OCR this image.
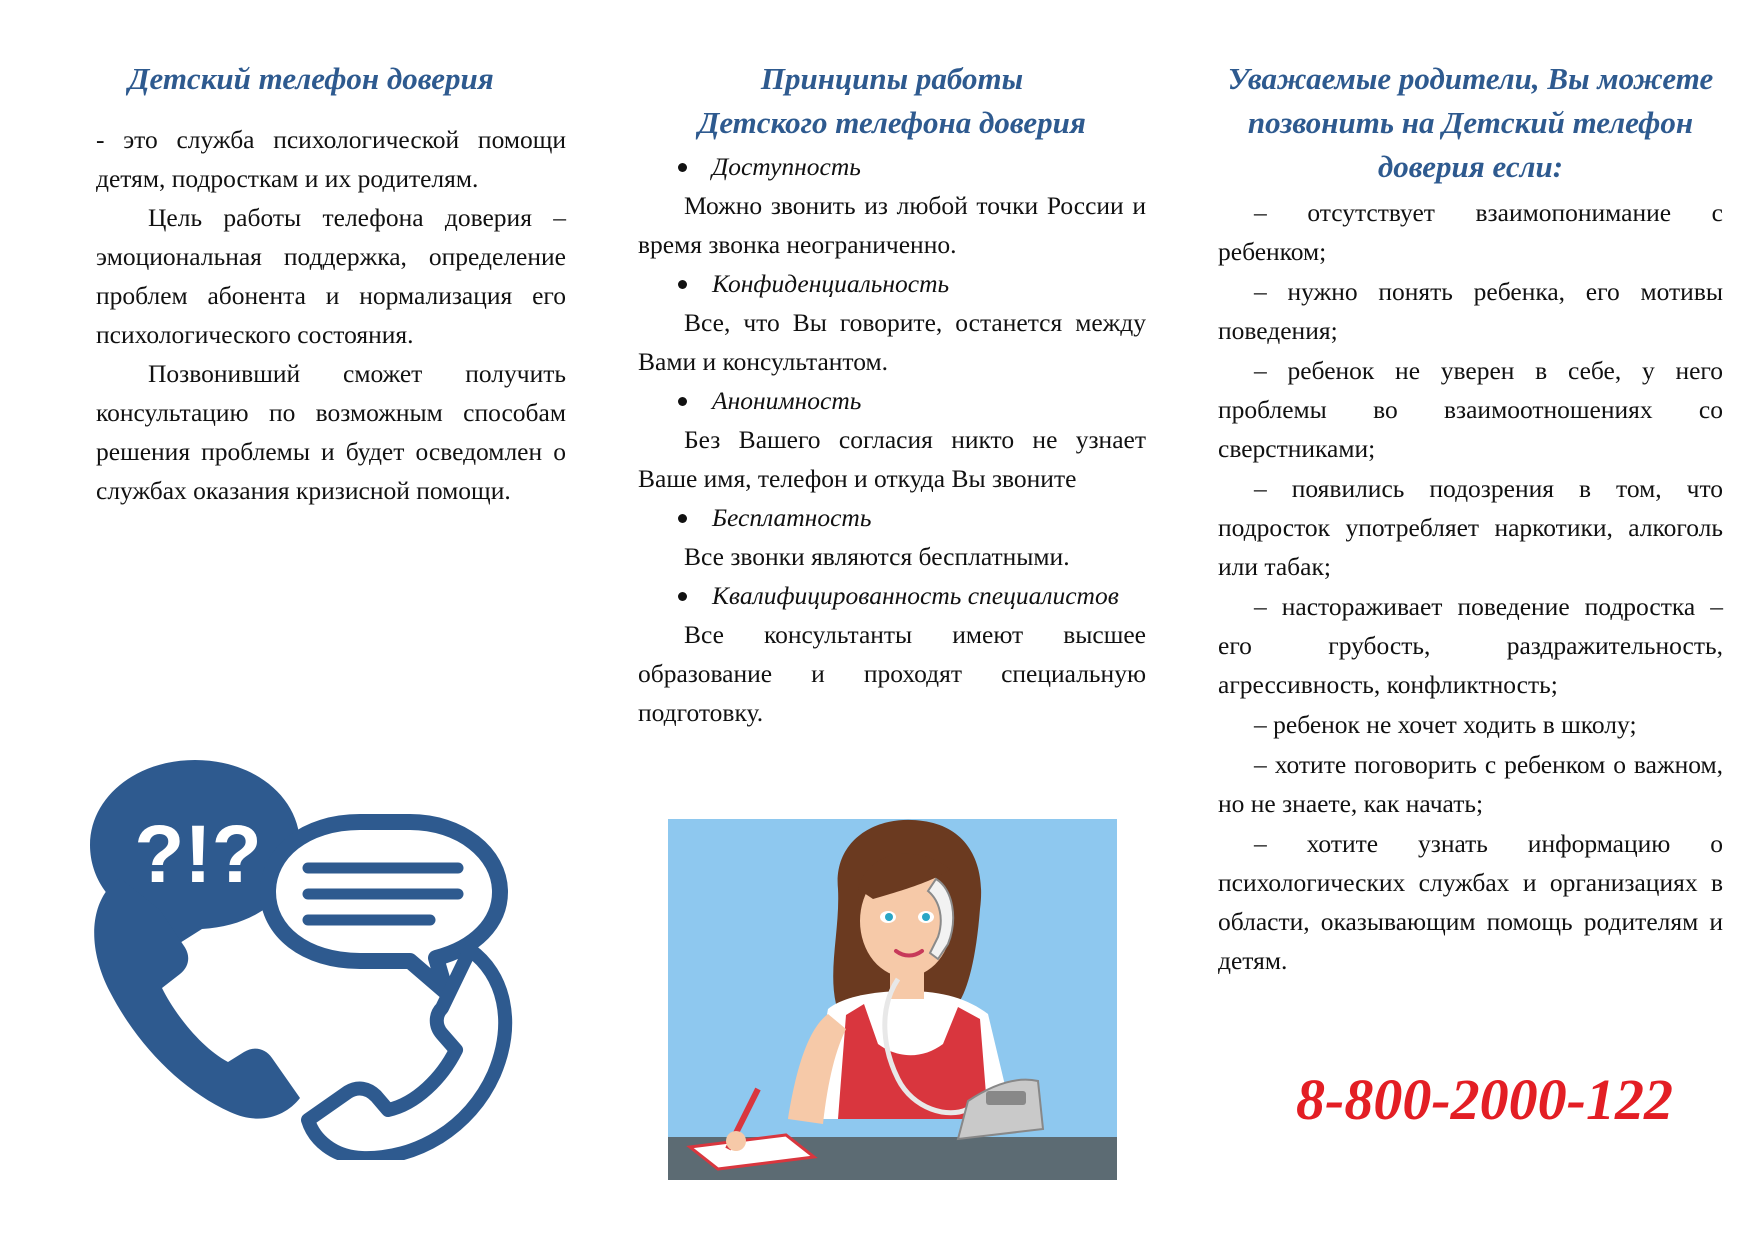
Детский телефон доверия

- это служба психологической помощи детям, подросткам и их родителям.

Цель работы телефона доверия – эмоциональная поддержка, определение проблем абонента и нормализация его психологического состояния.

Позвонивший сможет получить консультацию по возможным способам решения проблемы и будет осведомлен о службах оказания кризисной помощи.

Принципы работы
Детского телефона доверия

Доступность

Можно звонить из любой точки России и время звонка неограниченно.

Конфиденциальность

Все, что Вы говорите, останется между Вами и консультантом.

Анонимность

Без Вашего согласия никто не узнает Ваше имя, телефон и откуда Вы звоните

Бесплатность

Все звонки являются бесплатными.

Квалифицированность специалистов

Все консультанты имеют высшее образование и проходят специальную подготовку.

Уважаемые родители, Вы можете позвонить на Детский телефон доверия если:

– отсутствует взаимопонимание с ребенком;

– нужно понять ребенка, его мотивы поведения;

– ребенок не уверен в себе, у него проблемы во взаимоотношениях со сверстниками;

– появились подозрения в том, что подросток употребляет наркотики, алкоголь или табак;

– настораживает поведение подростка – его грубость, раздражительность, агрессивность, конфликтность;

– ребенок не хочет ходить в школу;

– хотите поговорить с ребенком о важном, но не знаете, как начать;

– хотите узнать информацию о психологических службах и организациях в области, оказывающим помощь родителям и детям.

8-800-2000-122
?!?
